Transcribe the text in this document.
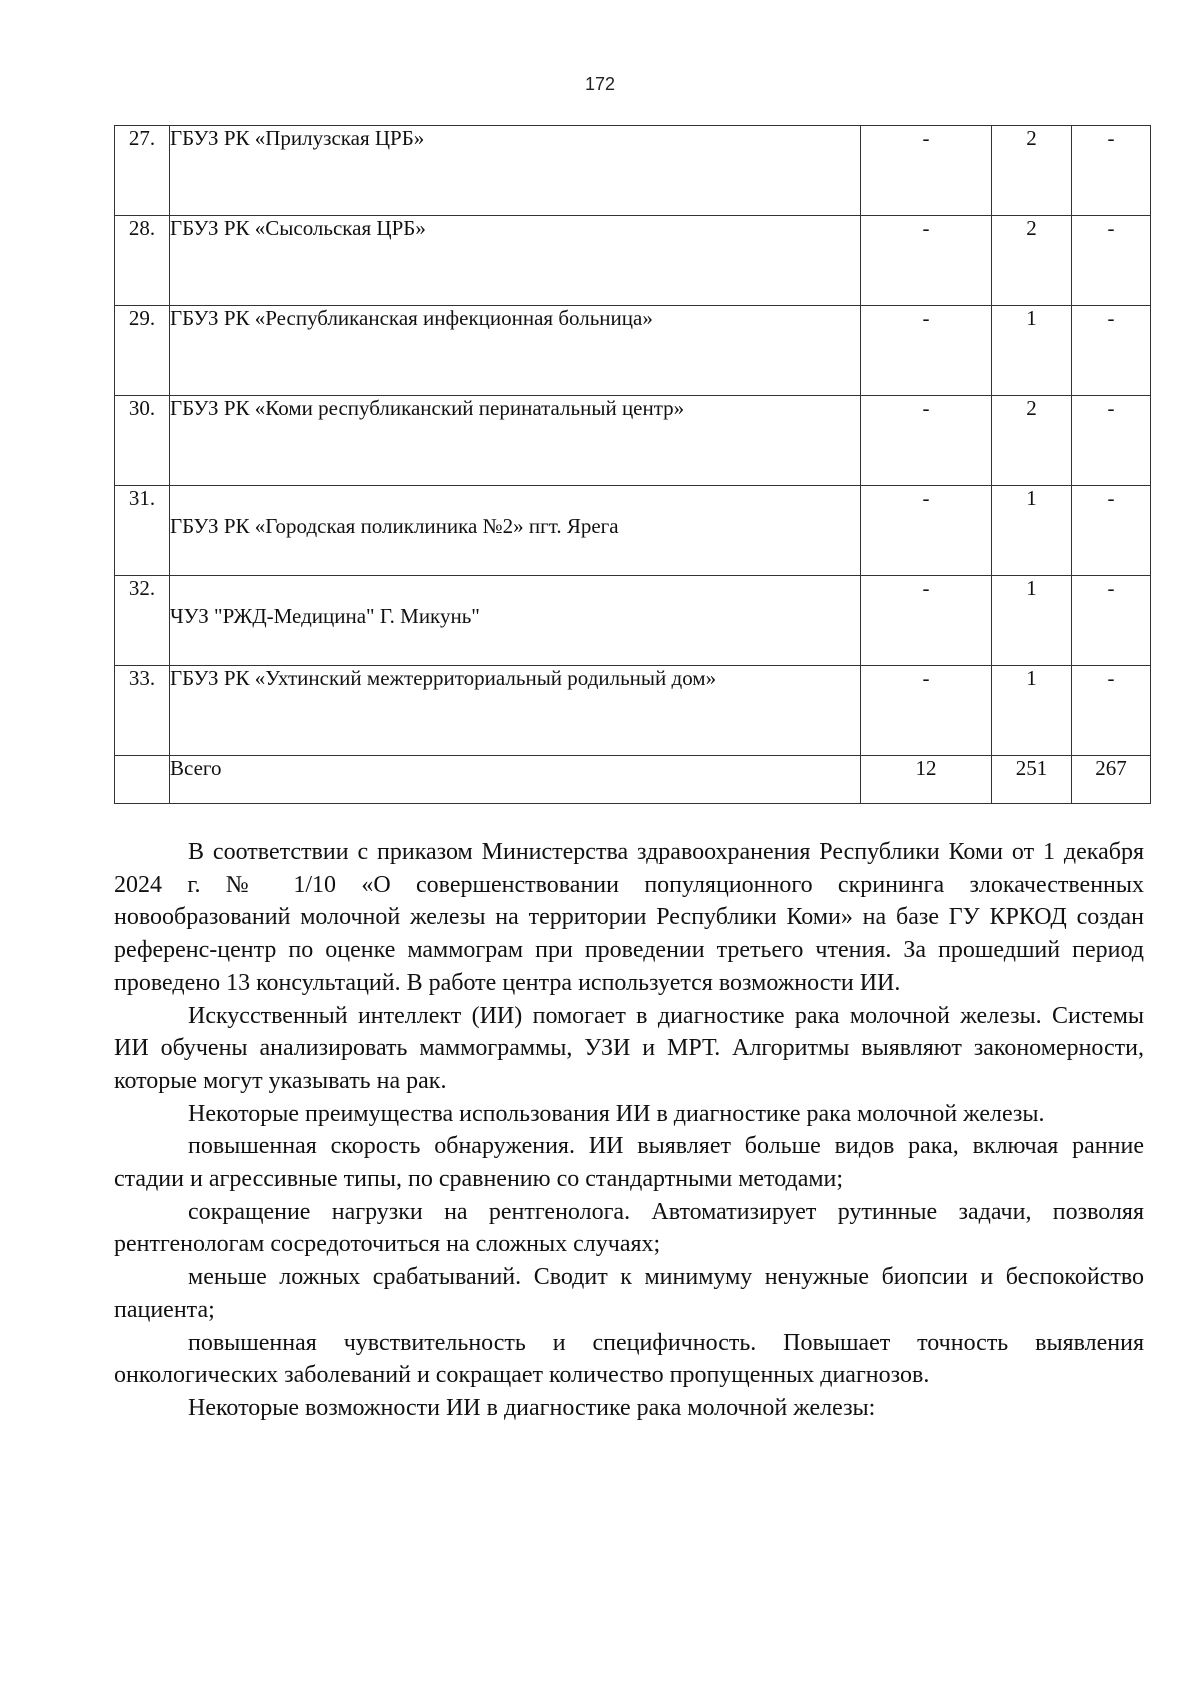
172
27.	ГБУЗ РК «Прилузская ЦРБ»	-	2	-
28.	ГБУЗ РК «Сысольская ЦРБ»	-	2	-
29.	ГБУЗ РК «Республиканская инфекционная больница»	-	1	-
30.	ГБУЗ РК «Коми республиканский перинатальный центр»	-	2	-
31.	ГБУЗ РК «Городская поликлиника №2» пгт. Ярега	-	1	-
32.	ЧУЗ "РЖД-Медицина" Г. Микунь"	-	1	-
33.	ГБУЗ РК «Ухтинский межтерриториальный родильный дом»	-	1	-
	Всего	12	251	267

В соответствии с приказом Министерства здравоохранения Республики Коми от 1 декабря 2024 г. № 1/10 «О совершенствовании популяционного скрининга злокачественных новообразований молочной железы на территории Республики Коми» на базе ГУ КРКОД создан референс-центр по оценке маммограм при проведении третьего чтения. За прошедший период проведено 13 консультаций. В работе центра используется возможности ИИ.

Искусственный интеллект (ИИ) помогает в диагностике рака молочной железы. Системы ИИ обучены анализировать маммограммы, УЗИ и МРТ. Алгоритмы выявляют закономерности, которые могут указывать на рак.

Некоторые преимущества использования ИИ в диагностике рака молочной железы.

повышенная скорость обнаружения. ИИ выявляет больше видов рака, включая ранние стадии и агрессивные типы, по сравнению со стандартными методами;

сокращение нагрузки на рентгенолога. Автоматизирует рутинные задачи, позволяя рентгенологам сосредоточиться на сложных случаях;

меньше ложных срабатываний. Сводит к минимуму ненужные биопсии и беспокойство пациента;

повышенная чувствительность и специфичность. Повышает точность выявления онкологических заболеваний и сокращает количество пропущенных диагнозов.

Некоторые возможности ИИ в диагностике рака молочной железы:
